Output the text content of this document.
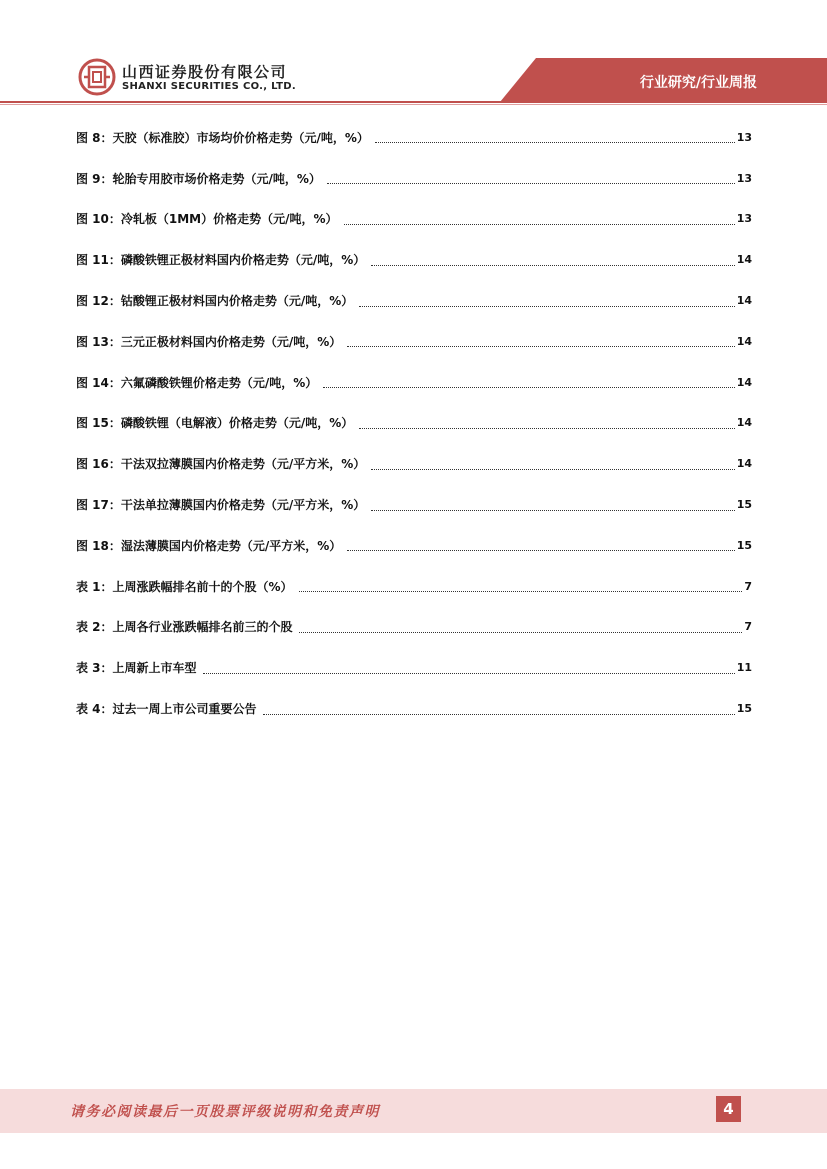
山西证券股份有限公司
SHANXI SECURITIES CO., LTD.	行业研究/行业周报
图 8：天胶（标准胶）市场均价价格走势（元/吨，%）	13
图 9：轮胎专用胶市场价格走势（元/吨，%）	13
图 10：冷轧板（1MM）价格走势（元/吨，%）	13
图 11：磷酸铁锂正极材料国内价格走势（元/吨，%）	14
图 12：钴酸锂正极材料国内价格走势（元/吨，%）	14
图 13：三元正极材料国内价格走势（元/吨，%）	14
图 14：六氟磷酸铁锂价格走势（元/吨，%）	14
图 15：磷酸铁锂（电解液）价格走势（元/吨，%）	14
图 16：干法双拉薄膜国内价格走势（元/平方米，%）	14
图 17：干法单拉薄膜国内价格走势（元/平方米，%）	15
图 18：湿法薄膜国内价格走势（元/平方米，%）	15
表 1：上周涨跌幅排名前十的个股（%）	7
表 2：上周各行业涨跌幅排名前三的个股	7
表 3：上周新上市车型	11
表 4：过去一周上市公司重要公告	15
请务必阅读最后一页股票评级说明和免责声明	4
